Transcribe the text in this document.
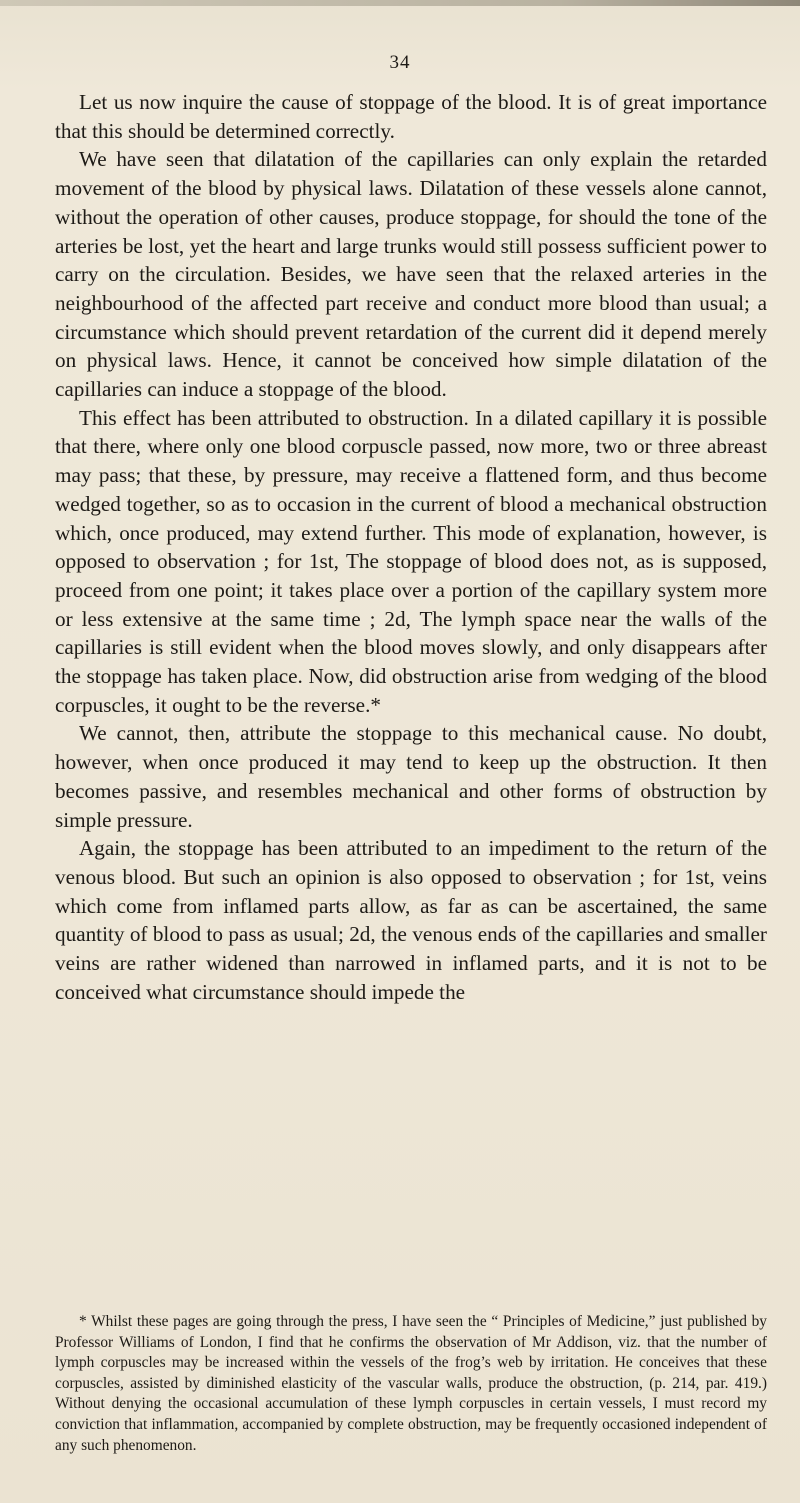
34

Let us now inquire the cause of stoppage of the blood. It is of great importance that this should be determined correctly.

We have seen that dilatation of the capillaries can only explain the retarded movement of the blood by physical laws. Dilatation of these vessels alone cannot, without the operation of other causes, produce stoppage, for should the tone of the arteries be lost, yet the heart and large trunks would still possess sufficient power to carry on the circulation. Besides, we have seen that the relaxed arteries in the neighbourhood of the affected part receive and conduct more blood than usual; a circumstance which should prevent retardation of the current did it depend merely on physical laws. Hence, it cannot be conceived how simple dilatation of the capillaries can induce a stoppage of the blood.

This effect has been attributed to obstruction. In a dilated capillary it is possible that there, where only one blood corpuscle passed, now more, two or three abreast may pass; that these, by pressure, may receive a flattened form, and thus become wedged together, so as to occasion in the current of blood a mechanical obstruction which, once produced, may extend further. This mode of explanation, however, is opposed to observation ; for 1st, The stoppage of blood does not, as is supposed, proceed from one point; it takes place over a portion of the capillary system more or less extensive at the same time ; 2d, The lymph space near the walls of the capillaries is still evident when the blood moves slowly, and only disappears after the stoppage has taken place. Now, did obstruction arise from wedging of the blood corpuscles, it ought to be the reverse.*

We cannot, then, attribute the stoppage to this mechanical cause. No doubt, however, when once produced it may tend to keep up the obstruction. It then becomes passive, and resembles mechanical and other forms of obstruction by simple pressure.

Again, the stoppage has been attributed to an impediment to the return of the venous blood. But such an opinion is also opposed to observation ; for 1st, veins which come from inflamed parts allow, as far as can be ascertained, the same quantity of blood to pass as usual; 2d, the venous ends of the capillaries and smaller veins are rather widened than narrowed in inflamed parts, and it is not to be conceived what circumstance should impede the

* Whilst these pages are going through the press, I have seen the “ Principles of Medicine,” just published by Professor Williams of London, I find that he confirms the observation of Mr Addison, viz. that the number of lymph corpuscles may be increased within the vessels of the frog’s web by irritation. He conceives that these corpuscles, assisted by diminished elasticity of the vascular walls, produce the obstruction, (p. 214, par. 419.) Without denying the occasional accumulation of these lymph corpuscles in certain vessels, I must record my conviction that inflammation, accompanied by complete obstruction, may be frequently occasioned independent of any such phenomenon.
